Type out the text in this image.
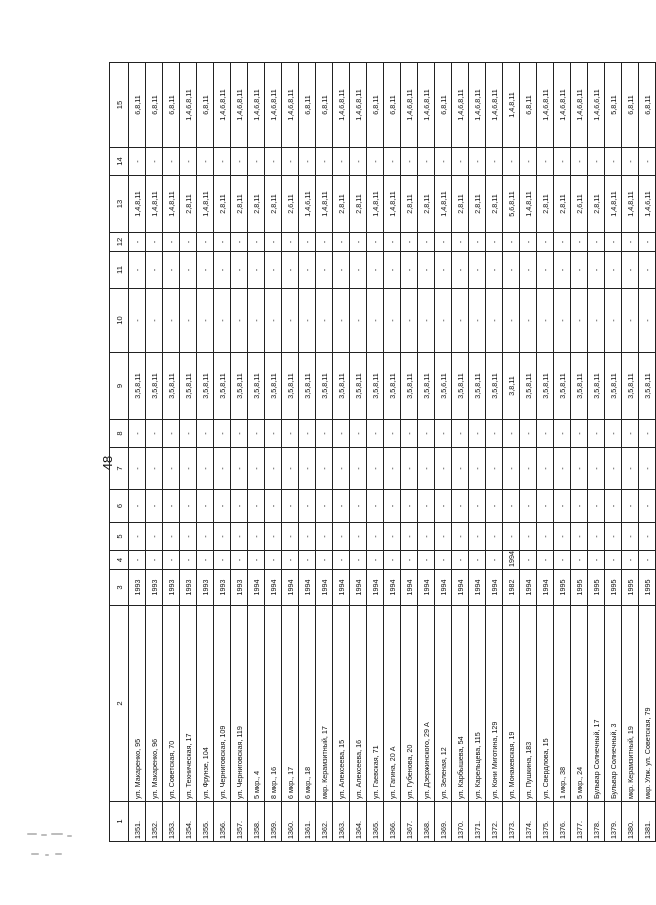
48
1	2	3	4	5	6	7	8	9	10	11	12	13	14	15
1351.	ул. Макаренко, 95	1993	-	-	-	-	-	3,5,8,11	-	-	-	1,4,8,11	-	6,8,11
1352.	ул. Макаренко, 96	1993	-	-	-	-	-	3,5,8,11	-	-	-	1,4,8,11	-	6,8,11
1353.	ул. Советская, 70	1993	-	-	-	-	-	3,5,8,11	-	-	-	1,4,8,11	-	6,8,11
1354.	ул. Техническая, 17	1993	-	-	-	-	-	3,5,8,11	-	-	-	2,8,11	-	1,4,6,8,11
1355.	ул. Фрунзе, 104	1993	-	-	-	-	-	3,5,8,11	-	-	-	1,4,8,11	-	6,8,11
1356.	ул. Черниговская, 109	1993	-	-	-	-	-	3,5,8,11	-	-	-	2,8,11	-	1,4,6,8,11
1357.	ул. Черниговская, 119	1993	-	-	-	-	-	3,5,8,11	-	-	-	2,8,11	-	1,4,6,8,11
1358.	5 мкр., 4	1994	-	-	-	-	-	3,5,8,11	-	-	-	2,8,11	-	1,4,6,8,11
1359.	8 мкр., 16	1994	-	-	-	-	-	3,5,8,11	-	-	-	2,8,11	-	1,4,6,8,11
1360.	6 мкр., 17	1994	-	-	-	-	-	3,5,8,11	-	-	-	2,6,11	-	1,4,6,8,11
1361.	6 мкр., 18	1994	-	-	-	-	-	3,5,8,11	-	-	-	1,4,6,11	-	6,8,11
1362.	мкр. Керамзитный, 17	1994	-	-	-	-	-	3,5,8,11	-	-	-	1,4,8,11	-	6,8,11
1363.	ул. Алексеева, 15	1994	-	-	-	-	-	3,5,8,11	-	-	-	2,8,11	-	1,4,6,8,11
1364.	ул. Алексеева, 16	1994	-	-	-	-	-	3,5,8,11	-	-	-	2,8,11	-	1,4,6,8,11
1365.	ул. Гаевская, 71	1994	-	-	-	-	-	3,5,8,11	-	-	-	1,4,8,11	-	6,8,11
1366.	ул. Гагина, 20 А	1994	-	-	-	-	-	3,5,8,11	-	-	-	1,4,8,11	-	6,8,11
1367.	ул. Губенова, 20	1994	-	-	-	-	-	3,5,8,11	-	-	-	2,8,11	-	1,4,6,8,11
1368.	ул. Дзержинского, 29 А	1994	-	-	-	-	-	3,5,8,11	-	-	-	2,8,11	-	1,4,6,8,11
1369.	ул. Зеленая, 12	1994	-	-	-	-	-	3,5,6,11	-	-	-	1,4,8,11	-	6,8,11
1370.	ул. Карбышева, 54	1994	-	-	-	-	-	3,5,8,11	-	-	-	2,8,11	-	1,4,6,8,11
1371.	ул. Карельцева, 115	1994	-	-	-	-	-	3,5,8,11	-	-	-	2,8,11	-	1,4,6,8,11
1372.	ул. Кони Миготина, 129	1994	-	-	-	-	-	3,5,8,11	-	-	-	2,8,11	-	1,4,6,8,11
1373.	ул. Монакевская, 19	1982	1994	-	-	-	-	3,8,11	-	-	-	5,6,8,11	-	1,4,8,11
1374.	ул. Пушкина, 183	1994	-	-	-	-	-	3,5,8,11	-	-	-	1,4,8,11	-	6,8,11
1375.	ул. Свердлова, 15	1994	-	-	-	-	-	3,5,8,11	-	-	-	2,8,11	-	1,4,6,8,11
1376.	1 мкр., 38	1995	-	-	-	-	-	3,5,8,11	-	-	-	2,8,11	-	1,4,6,8,11
1377.	5 мкр., 24	1995	-	-	-	-	-	3,5,8,11	-	-	-	2,6,11	-	1,4,6,8,11
1378.	Бульвар Солнечный, 17	1995	-	-	-	-	-	3,5,8,11	-	-	-	2,8,11	-	1,4,6,6,11
1379.	Бульвар Солнечный, 3	1995	-	-	-	-	-	3,5,8,11	-	-	-	1,4,8,11	-	5,8,11
1380.	мкр. Керамзитный, 19	1995	-	-	-	-	-	3,5,8,11	-	-	-	1,4,8,11	-	6,8,11
1381.	мкр. Улж. ул. Советская, 79	1995	-	-	-	-	-	3,5,8,11	-	-	-	1,4,6,11	-	6,8,11
